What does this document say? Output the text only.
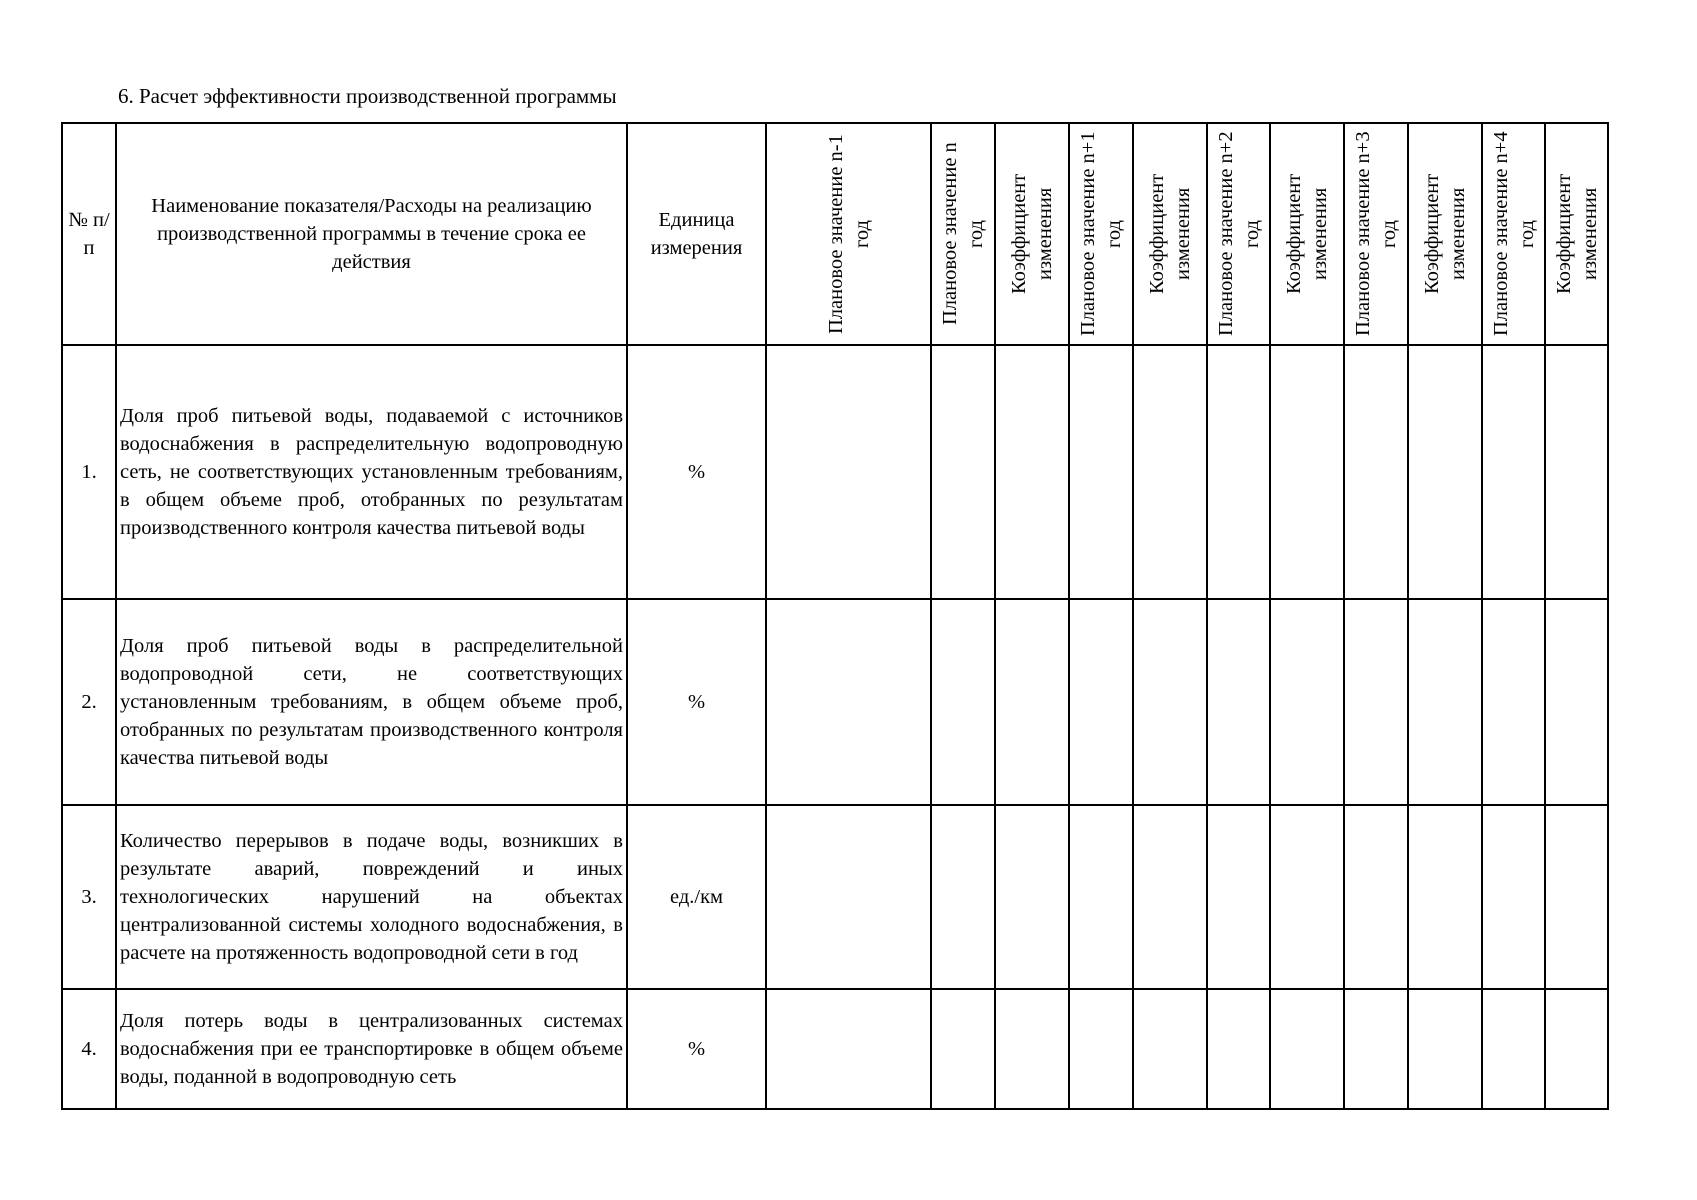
6. Расчет эффективности производственной программы
№ п/п	Наименование показателя/Расходы на реализацию производственной программы в течение срока ее действия	Единица измерения	Плановое значение n-1 год	Плановое значение n год	Коэффициент изменения	Плановое значение n+1 год	Коэффициент изменения	Плановое значение n+2 год	Коэффициент изменения	Плановое значение n+3 год	Коэффициент изменения	Плановое значение n+4 год	Коэффициент изменения

1.	Доля проб питьевой воды, подаваемой с источников водоснабжения в распределительную водопроводную сеть, не соответствующих установленным требованиям, в общем объеме проб, отобранных по результатам производственного контроля качества питьевой воды	%											
2.	Доля проб питьевой воды в распределительной водопроводной сети, не соответствующих установленным требованиям, в общем объеме проб, отобранных по результатам производственного контроля качества питьевой воды	%											
3.	Количество перерывов в подаче воды, возникших в результате аварий, повреждений и иных технологических нарушений на объектах централизованной системы холодного водоснабжения, в расчете на протяженность водопроводной сети в год	ед./км											
4.	Доля потерь воды в централизованных системах водоснабжения при ее транспортировке в общем объеме воды, поданной в водопроводную сеть	%											
